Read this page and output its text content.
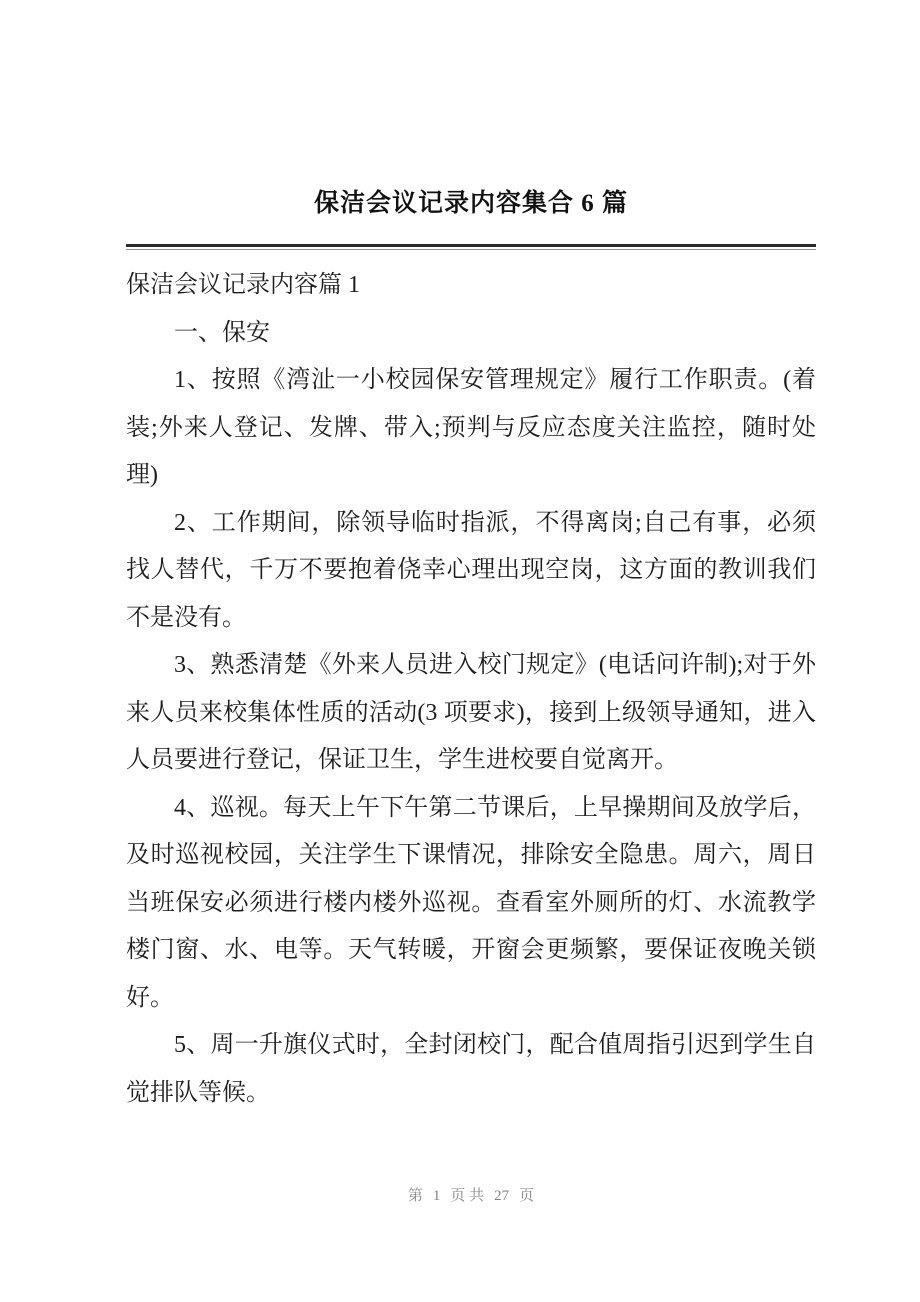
保洁会议记录内容集合 6 篇

保洁会议记录内容篇 1

一、保安

1、按照《湾沚一小校园保安管理规定》履行工作职责。(着装;外来人登记、发牌、带入;预判与反应态度关注监控，随时处理)

2、工作期间，除领导临时指派，不得离岗;自己有事，必须找人替代，千万不要抱着侥幸心理出现空岗，这方面的教训我们不是没有。

3、熟悉清楚《外来人员进入校门规定》(电话问许制);对于外来人员来校集体性质的活动(3 项要求)，接到上级领导通知，进入人员要进行登记，保证卫生，学生进校要自觉离开。

4、巡视。每天上午下午第二节课后，上早操期间及放学后，及时巡视校园，关注学生下课情况，排除安全隐患。周六，周日当班保安必须进行楼内楼外巡视。查看室外厕所的灯、水流教学楼门窗、水、电等。天气转暖，开窗会更频繁，要保证夜晚关锁好。

5、周一升旗仪式时，全封闭校门，配合值周指引迟到学生自觉排队等候。

第 1 页 共 27 页
